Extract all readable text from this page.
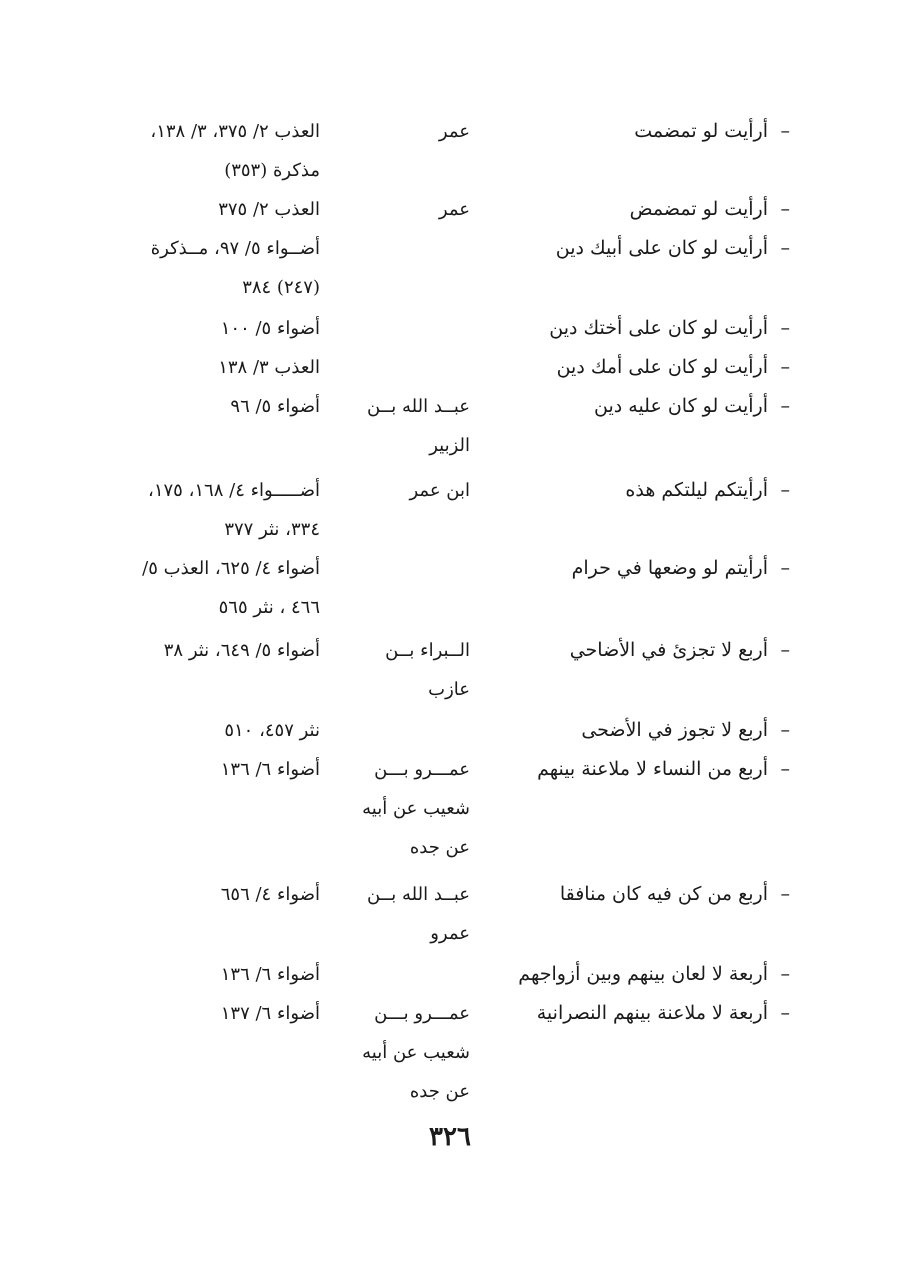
–
أرأيت لو تمضمت
عمر
العذب ٢/ ٣٧٥، ٣/ ١٣٨،
مذكرة (٣٥٣)
–
أرأيت لو تمضمض
عمر
العذب ٢/ ٣٧٥
–
أرأيت لو كان على أبيك دين
أضــواء ٥/ ٩٧، مــذكرة
(٢٤٧) ٣٨٤
–
أرأيت لو كان على أختك دين
أضواء ٥/ ١٠٠
–
أرأيت لو كان على أمك دين
العذب ٣/ ١٣٨
–
أرأيت لو كان عليه دين
عبــد الله بــن
الزبير
أضواء ٥/ ٩٦
–
أرأيتكم ليلتكم هذه
ابن عمر
أضـــــواء ٤/ ١٦٨، ١٧٥،
٣٣٤، نثر ٣٧٧
–
أرأيتم لو وضعها في حرام
أضواء ٤/ ٦٢٥، العذب ٥/
٤٦٦ ، نثر ٥٦٥
–
أربع لا تجزئ في الأضاحي
الــبراء بــن
عازب
أضواء ٥/ ٦٤٩، نثر ٣٨
–
أربع لا تجوز في الأضحى
نثر ٤٥٧، ٥١٠
–
أربع من النساء لا ملاعنة بينهم
عمـــرو بـــن
شعيب عن أبيه
عن جده
أضواء ٦/ ١٣٦
–
أربع من كن فيه كان منافقا
عبــد الله بــن
عمرو
أضواء ٤/ ٦٥٦
–
أربعة لا لعان بينهم وبين أزواجهم
أضواء ٦/ ١٣٦
–
أربعة لا ملاعنة بينهم النصرانية
عمـــرو بـــن
شعيب عن أبيه
عن جده
أضواء ٦/ ١٣٧
٣٢٦
